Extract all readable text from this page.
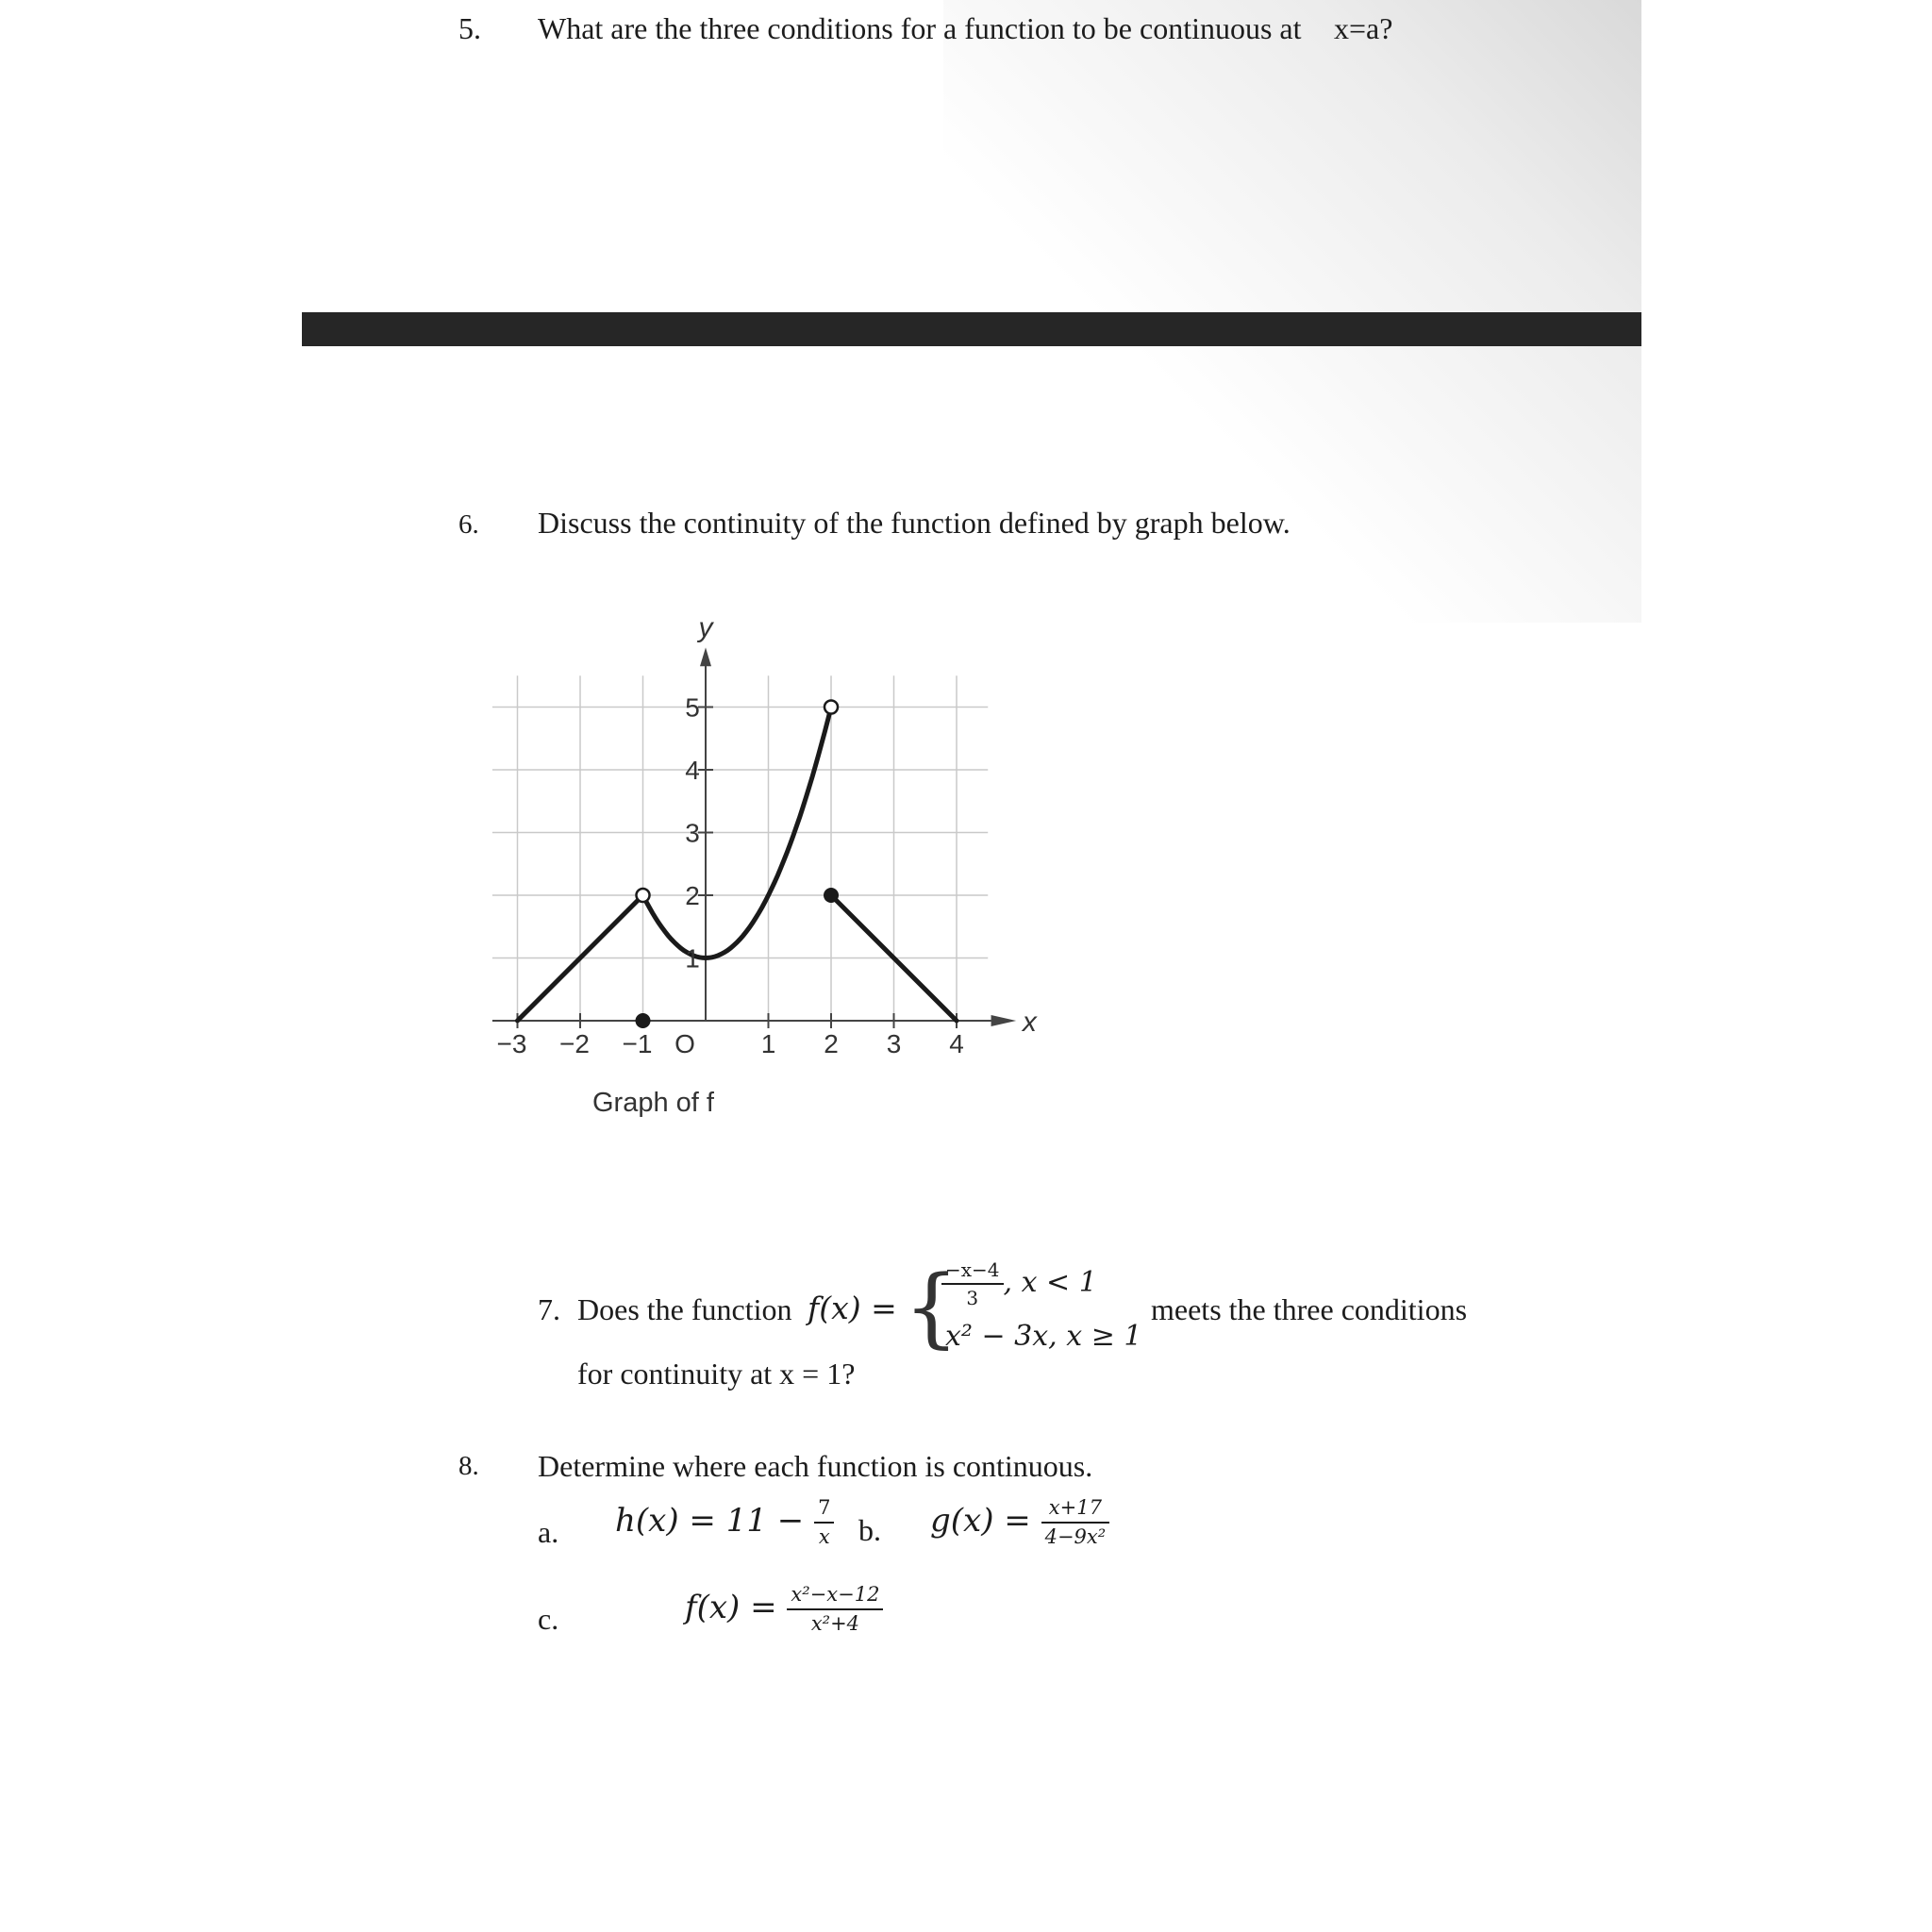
5. What are the three conditions for a function to be continuous at x=a?
6. Discuss the continuity of the function defined by graph below.
−3 −2 −1 O 1 2 3 4
1
2
3
4
5
x
y
Graph of f
7. Does the function f(x) = {
$\frac{-x-4}{3}$ , x < 1
x² − 3x, x ≥ 1
meets the three conditions
for continuity at x = 1?
8. Determine where each function is continuous.
a. $h(x) = 11 - \frac{7}{x} b$. $g(x) = \frac{x+17}{\text{4−9x²}}$
c.	$f(x) = \frac{\text{x²−x−12}}{\text{x²+4}}$
